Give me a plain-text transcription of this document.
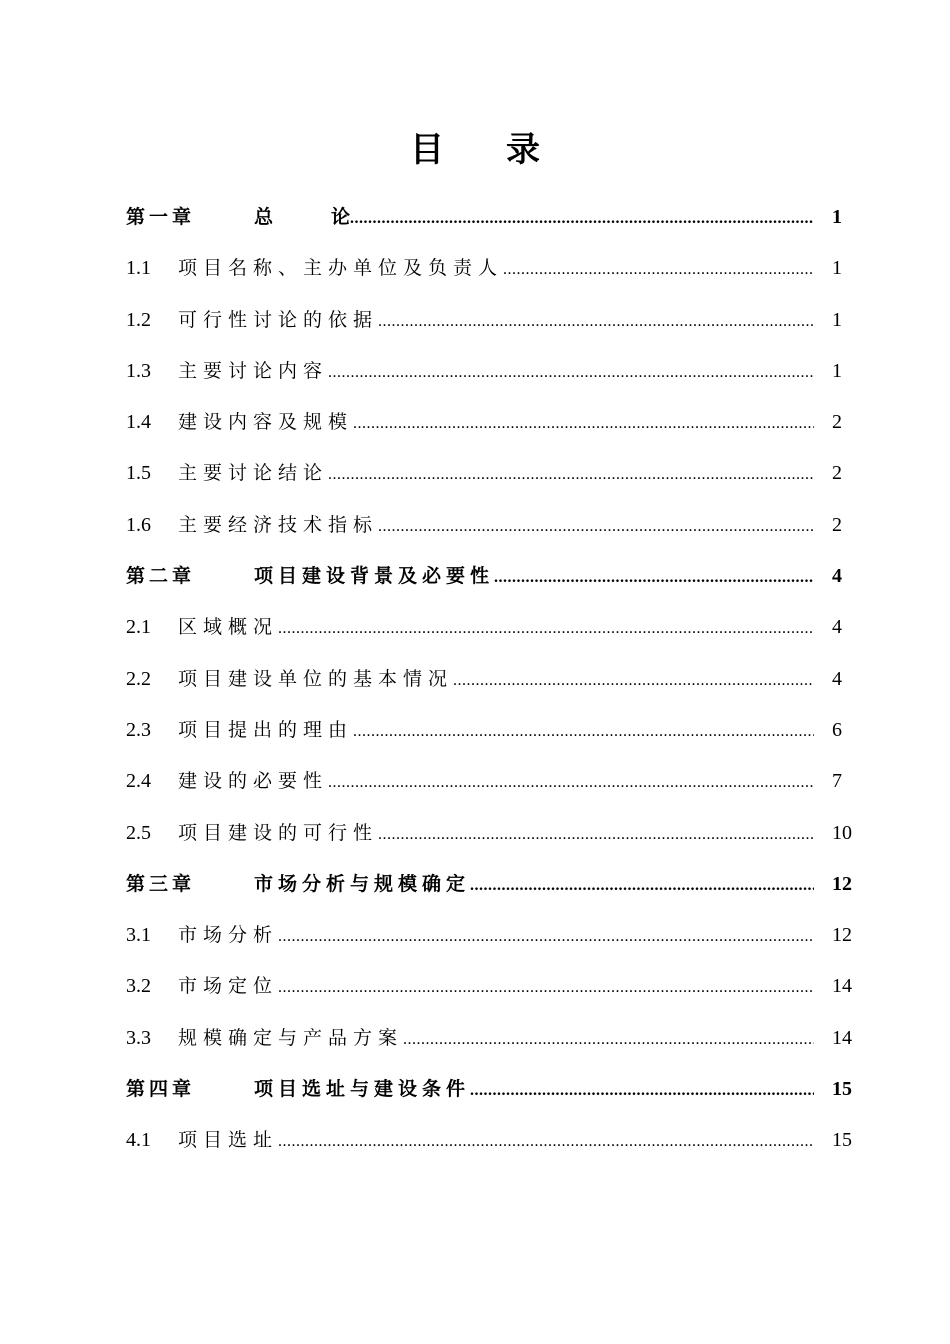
目 录
第一章	总	论 .....	1
1.1	项目名称、主办单位及负责人 .....	1
1.2	可行性讨论的依据 .....	1
1.3	主要讨论内容 .....	1
1.4	建设内容及规模 .....	2
1.5	主要讨论结论 .....	2
1.6	主要经济技术指标 .....	2
第二章	项目建设背景及必要性 .....	4
2.1	区域概况 .....	4
2.2	项目建设单位的基本情况 .....	4
2.3	项目提出的理由 .....	6
2.4	建设的必要性 .....	7
2.5	项目建设的可行性 .....	10
第三章	市场分析与规模确定 .....	12
3.1	市场分析 .....	12
3.2	市场定位 .....	14
3.3	规模确定与产品方案 .....	14
第四章	项目选址与建设条件 .....	15
4.1	项目选址 .....	15
